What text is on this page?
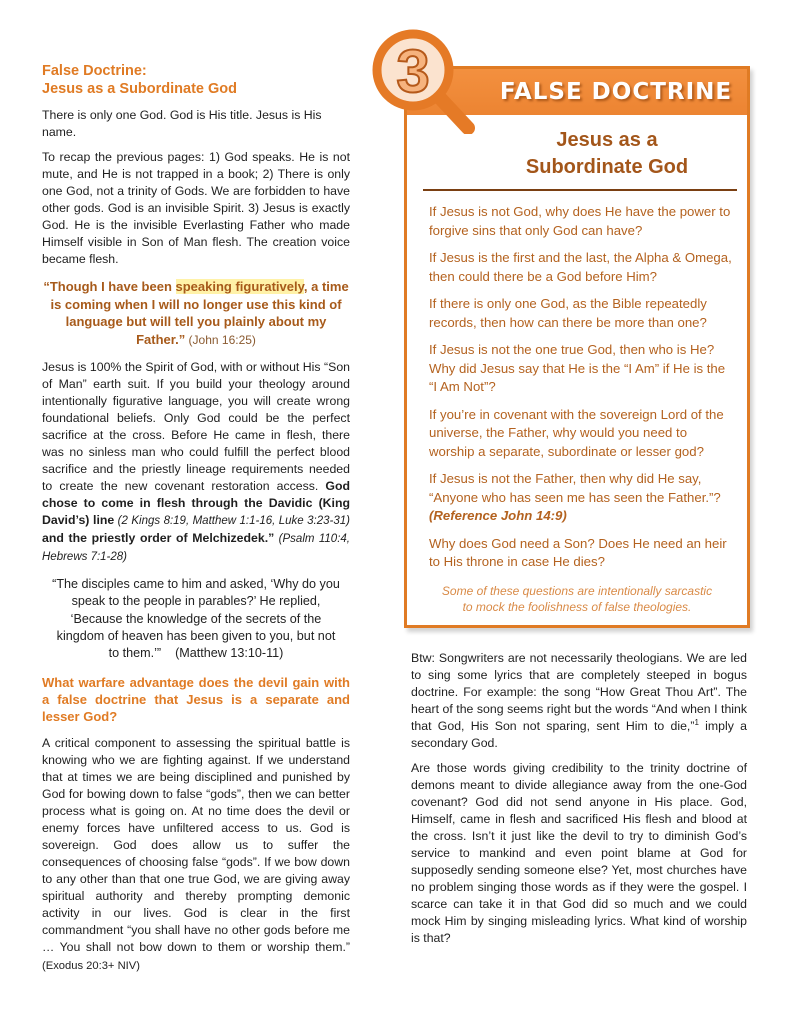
False Doctrine:
Jesus as a Subordinate God

There is only one God. God is His title. Jesus is His name.

To recap the previous pages: 1) God speaks. He is not mute, and He is not trapped in a book; 2) There is only one God, not a trinity of Gods. We are forbidden to have other gods. God is an invisible Spirit. 3) Jesus is exactly God. He is the invisible Everlasting Father who made Himself visible in Son of Man flesh. The creation voice became flesh.

“Though I have been speaking figuratively, a time is coming when I will no longer use this kind of language but will tell you plainly about my Father.” (John 16:25)

Jesus is 100% the Spirit of God, with or without His “Son of Man” earth suit. If you build your theology around intentionally figurative language, you will create wrong foundational beliefs. Only God could be the perfect sacrifice at the cross. Before He came in flesh, there was no sinless man who could fulfill the perfect blood sacrifice and the priestly lineage requirements needed to create the new covenant restoration access. God chose to come in flesh through the Davidic (King David’s) line (2 Kings 8:19, Matthew 1:1-16, Luke 3:23-31) and the priestly order of Melchizedek.” (Psalm 110:4, Hebrews 7:1-28)

“The disciples came to him and asked, ‘Why do you speak to the people in parables?’ He replied, ‘Because the knowledge of the secrets of the kingdom of heaven has been given to you, but not to them.’” (Matthew 13:10-11)
What warfare advantage does the devil gain with a false doctrine that Jesus is a separate and lesser God?

A critical component to assessing the spiritual battle is knowing who we are fighting against. If we understand that at times we are being disciplined and punished by God for bowing down to false “gods”, then we can better process what is going on. At no time does the devil or enemy forces have unfiltered access to us. God is sovereign. God does allow us to suffer the consequences of choosing false “gods”. If we bow down to any other than that one true God, we are giving away spiritual authority and thereby prompting demonic activity in our lives. God is clear in the first commandment “you shall have no other gods before me … You shall not bow down to them or worship them.” (Exodus 20:3+ NIV)

FALSE DOCTRINE
Jesus as a
Subordinate God
If Jesus is not God, why does He have the power to forgive sins that only God can have?
If Jesus is the first and the last, the Alpha & Omega, then could there be a God before Him?
If there is only one God, as the Bible repeatedly records, then how can there be more than one?
If Jesus is not the one true God, then who is He? Why did Jesus say that He is the “I Am” if He is the “I Am Not”?
If you’re in covenant with the sovereign Lord of the universe, the Father, why would you need to worship a separate, subordinate or lesser god?
If Jesus is not the Father, then why did He say, “Anyone who has seen me has seen the Father.”? (Reference John 14:9)
Why does God need a Son? Does He need an heir to His throne in case He dies?
Some of these questions are intentionally sarcastic
to mock the foolishness of false theologies.

Btw: Songwriters are not necessarily theologians. We are led to sing some lyrics that are completely steeped in bogus doctrine. For example: the song “How Great Thou Art”. The heart of the song seems right but the words “And when I think that God, His Son not sparing, sent Him to die,”$^1$ imply a secondary God.

Are those words giving credibility to the trinity doctrine of demons meant to divide allegiance away from the one-God covenant? God did not send anyone in His place. God, Himself, came in flesh and sacrificed His flesh and blood at the cross. Isn’t it just like the devil to try to diminish God’s service to mankind and even point blame at God for supposedly sending someone else? Yet, most churches have no problem singing those words as if they were the gospel. I scarce can take it in that God did so much and we could mock Him by singing misleading lyrics. What kind of worship is that?

3
